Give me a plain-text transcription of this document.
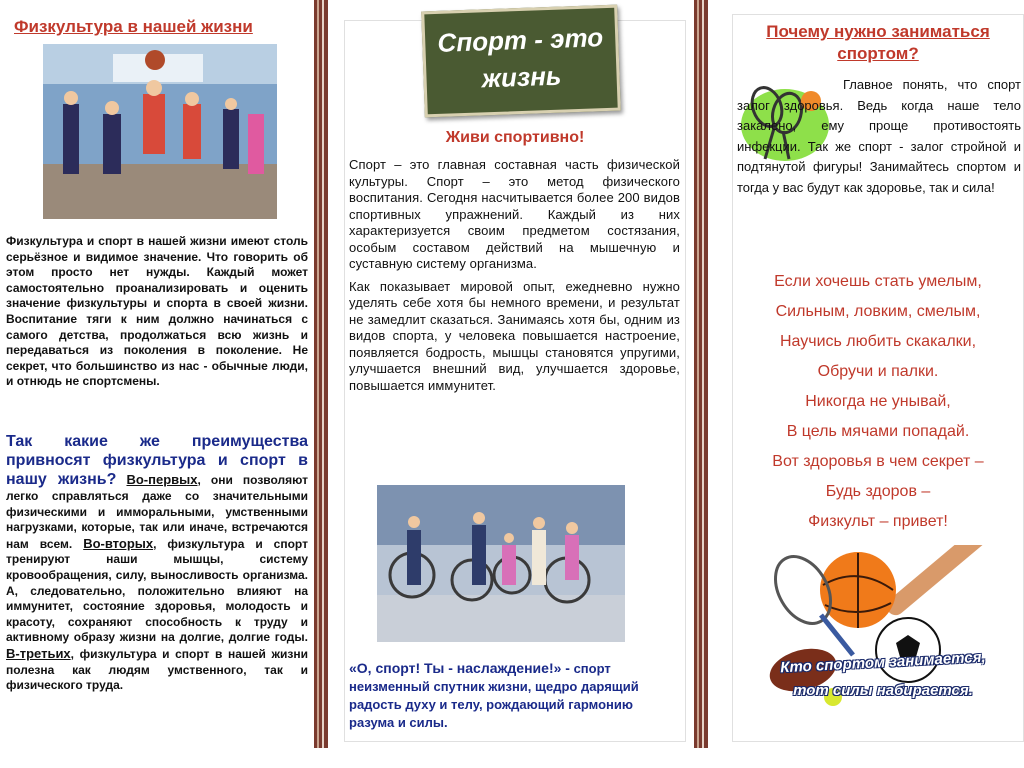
Физкультура в нашей жизни

Физкультура и спорт в нашей жизни имеют столь серьёзное и видимое значение. Что говорить об этом просто нет нужды. Каждый может самостоятельно проанализировать и оценить значение физкультуры и спорта в своей жизни. Воспитание тяги к ним должно начинаться с самого детства, продолжаться всю жизнь и передаваться из поколения в поколение. Не секрет, что большинство из нас - обычные люди, и отнюдь не спортсмены.

Так какие же преимущества привносят физкультура и спорт в нашу жизнь? Во-первых, они позволяют легко справляться даже со значительными физическими и имморальными, умственными нагрузками, которые, так или иначе, встречаются нам всем. Во-вторых, физкультура и спорт тренируют наши мышцы, систему кровообращения, силу, выносливость организма. А, следовательно, положительно влияют на иммунитет, состояние здоровья, молодость и красоту, сохраняют способность к труду и активному образу жизни на долгие, долгие годы. В-третьих, физкультура и спорт в нашей жизни полезна как людям умственного, так и физического труда.
Спорт - это
жизнь
Живи спортивно!

Спорт – это главная составная часть физической культуры. Спорт – это метод физического воспитания. Сегодня насчитывается более 200 видов спортивных упражнений. Каждый из них характеризуется своим предметом состязания, особым составом действий на мышечную и суставную систему организма.

Как показывает мировой опыт, ежедневно нужно уделять себе хотя бы немного времени, и результат не замедлит сказаться. Занимаясь хотя бы, одним из видов спорта, у человека повышается настроение, появляется бодрость, мышцы становятся упругими, улучшается внешний вид, улучшается здоровье, повышается иммунитет.

«О, спорт! Ты - наслаждение!» - спорт неизменный спутник жизни, щедро дарящий радость духу и телу, рождающий гармонию разума и силы.
Почему нужно заниматься
спортом?
Главное понять, что спорт залог здоровья. Ведь когда наше тело закалено, ему проще противостоять инфекции. Так же спорт - залог стройной и подтянутой фигуры! Занимайтесь спортом и тогда у вас будут как здоровье, так и сила!
Если хочешь стать умелым,
Сильным, ловким, смелым,
Научись любить скакалки,
Обручи и палки.
Никогда не унывай,
В цель мячами попадай.
Вот здоровья в чем секрет –
Будь здоров –
Физкульт – привет!
Кто спортом занимается,
тот силы набирается.
